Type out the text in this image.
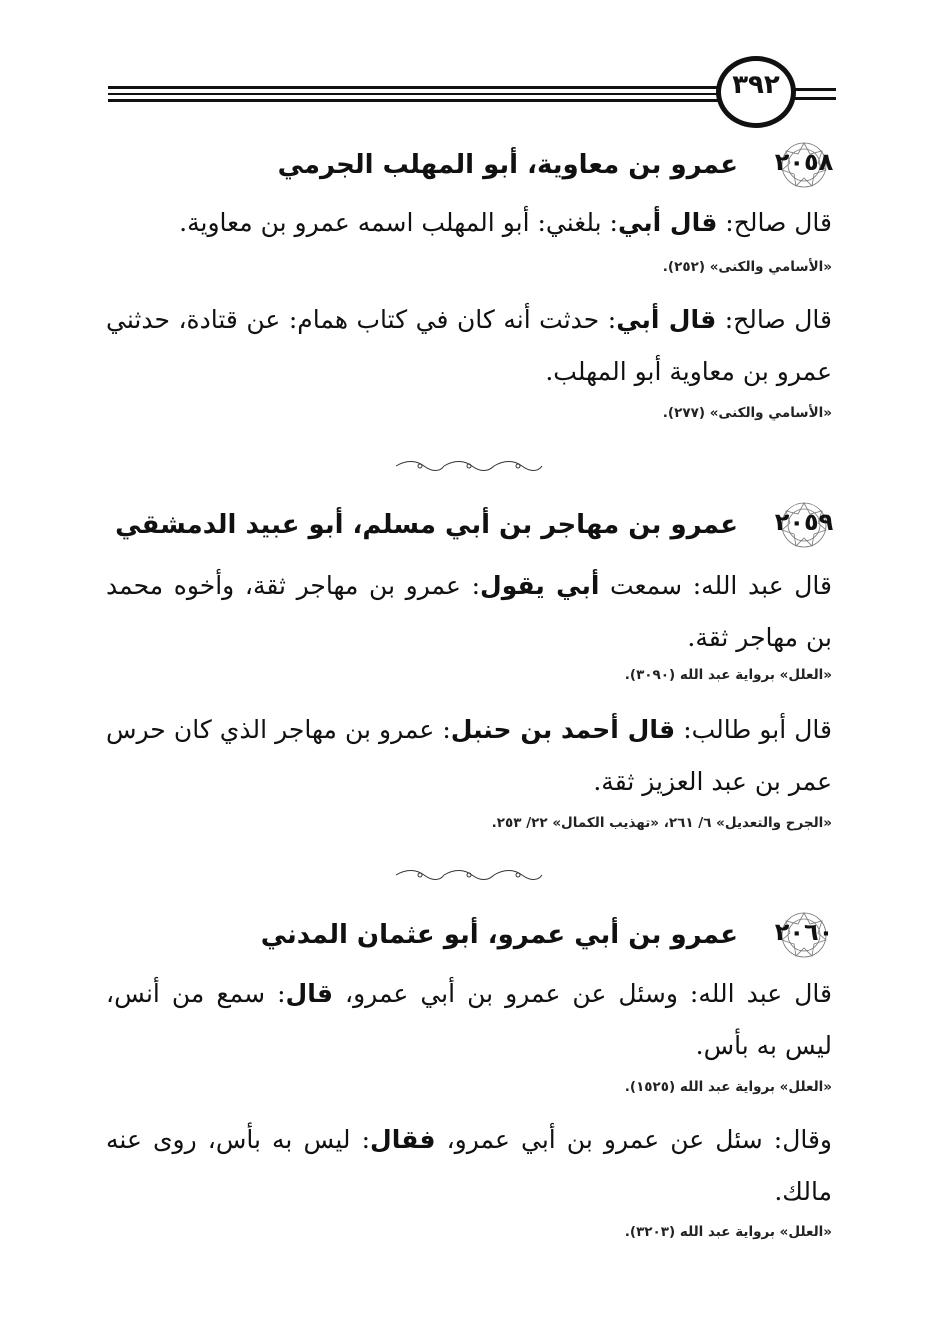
٣٩٢
٢٠٥٨
عمرو بن معاوية، أبو المهلب الجرمي
قال صالح: قال أبي: بلغني: أبو المهلب اسمه عمرو بن معاوية.
«الأسامي والكنى» (٢٥٢).
قال صالح: قال أبي: حدثت أنه كان في كتاب همام: عن قتادة، حدثني عمرو بن معاوية أبو المهلب.
«الأسامي والكنى» (٢٧٧).
٢٠٥٩
عمرو بن مهاجر بن أبي مسلم، أبو عبيد الدمشقي
قال عبد الله: سمعت أبي يقول: عمرو بن مهاجر ثقة، وأخوه محمد بن مهاجر ثقة.
«العلل» برواية عبد الله (٣٠٩٠).
قال أبو طالب: قال أحمد بن حنبل: عمرو بن مهاجر الذي كان حرس عمر بن عبد العزيز ثقة.
«الجرح والتعديل» ٦/ ٢٦١، «تهذيب الكمال» ٢٢/ ٢٥٣.
٢٠٦٠
عمرو بن أبي عمرو، أبو عثمان المدني
قال عبد الله: وسئل عن عمرو بن أبي عمرو، قال: سمع من أنس، ليس به بأس.
«العلل» برواية عبد الله (١٥٢٥).
وقال: سئل عن عمرو بن أبي عمرو، فقال: ليس به بأس، روى عنه مالك.
«العلل» برواية عبد الله (٣٢٠٣).
